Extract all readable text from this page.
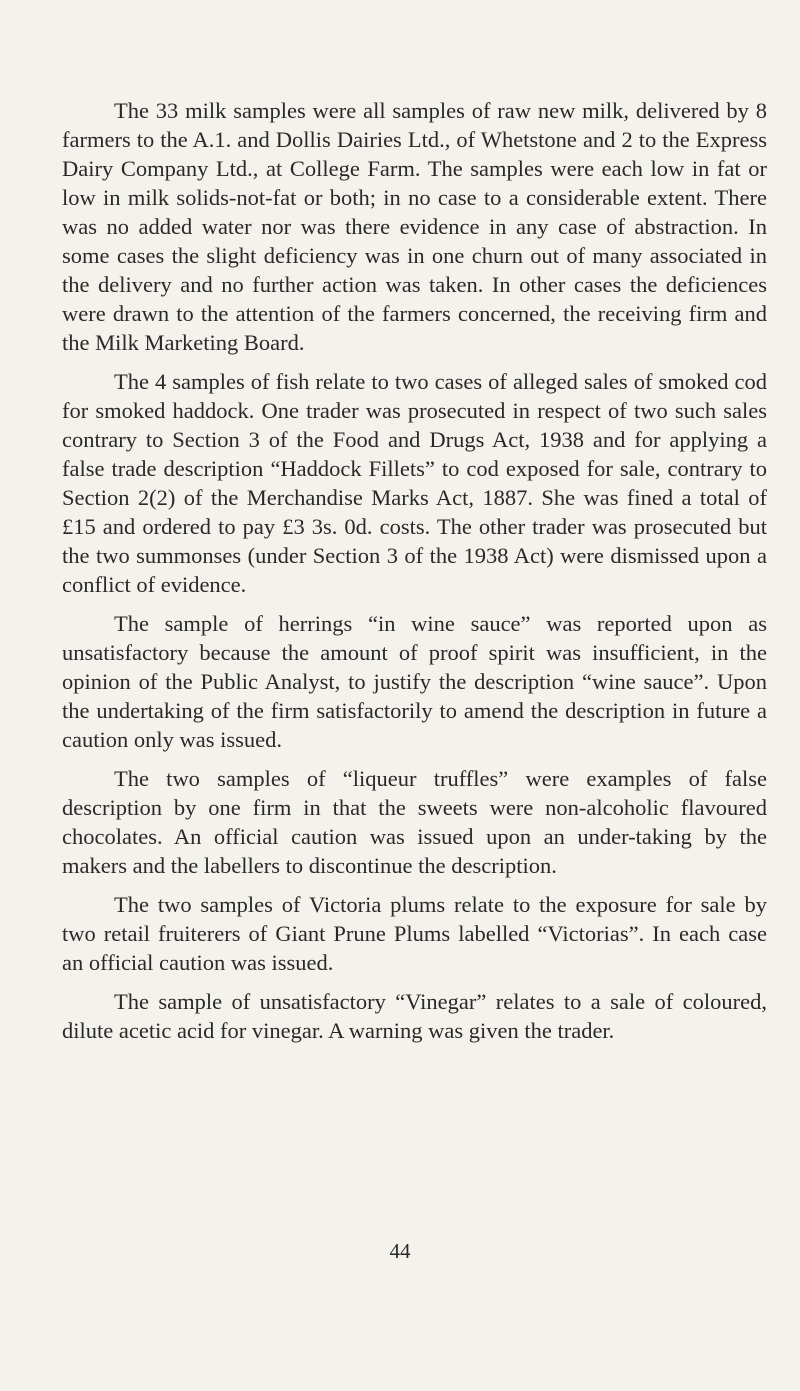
The 33 milk samples were all samples of raw new milk, delivered by 8 farmers to the A.1. and Dollis Dairies Ltd., of Whetstone and 2 to the Express Dairy Company Ltd., at College Farm. The samples were each low in fat or low in milk solids-not-fat or both; in no case to a considerable extent. There was no added water nor was there evidence in any case of abstraction. In some cases the slight deficiency was in one churn out of many associated in the delivery and no further action was taken. In other cases the deficiences were drawn to the attention of the farmers concerned, the receiving firm and the Milk Marketing Board.

The 4 samples of fish relate to two cases of alleged sales of smoked cod for smoked haddock. One trader was prosecuted in respect of two such sales contrary to Section 3 of the Food and Drugs Act, 1938 and for applying a false trade description “Haddock Fillets” to cod exposed for sale, contrary to Section 2(2) of the Merchandise Marks Act, 1887. She was fined a total of £15 and ordered to pay £3 3s. 0d. costs. The other trader was prosecuted but the two summonses (under Section 3 of the 1938 Act) were dismissed upon a conflict of evidence.

The sample of herrings “in wine sauce” was reported upon as unsatisfactory because the amount of proof spirit was insufficient, in the opinion of the Public Analyst, to justify the description “wine sauce”. Upon the undertaking of the firm satisfactorily to amend the description in future a caution only was issued.

The two samples of “liqueur truffles” were examples of false description by one firm in that the sweets were non-alcoholic flavoured chocolates. An official caution was issued upon an under-taking by the makers and the labellers to discontinue the description.

The two samples of Victoria plums relate to the exposure for sale by two retail fruiterers of Giant Prune Plums labelled “Victorias”. In each case an official caution was issued.

The sample of unsatisfactory “Vinegar” relates to a sale of coloured, dilute acetic acid for vinegar. A warning was given the trader.

44
